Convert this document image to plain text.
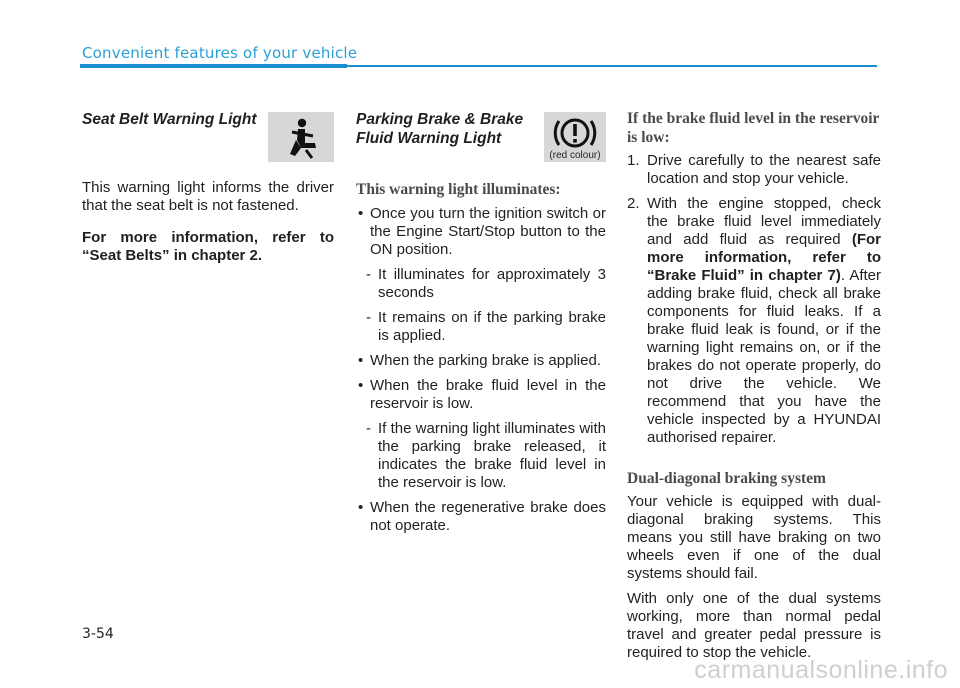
Convenient features of your vehicle
Seat Belt Warning Light

This warning light informs the driver that the seat belt is not fastened.

For more information, refer to “Seat Belts” in chapter 2.

Parking Brake & Brake
Fluid Warning Light
(red colour)
This warning light illuminates:
• Once you turn the ignition switch or the Engine Start/Stop button to the ON position.
- It illuminates for approximately 3 seconds
- It remains on if the parking brake is applied.
• When the parking brake is applied.
• When the brake fluid level in the reservoir is low.
- If the warning light illuminates with the parking brake released, it indicates the brake fluid level in the reservoir is low.
• When the regenerative brake does not operate.
If the brake fluid level in the reservoir is low:
1. Drive carefully to the nearest safe location and stop your vehicle.
2. With the engine stopped, check the brake fluid level immediately and add fluid as required (For more information, refer to “Brake Fluid” in chapter 7). After adding brake fluid, check all brake components for fluid leaks. If a brake fluid leak is found, or if the warning light remains on, or if the brakes do not operate properly, do not drive the vehicle. We recommend that you have the vehicle inspected by a HYUNDAI authorised repairer.
Dual-diagonal braking system

Your vehicle is equipped with dual-diagonal braking systems. This means you still have braking on two wheels even if one of the dual systems should fail.

With only one of the dual systems working, more than normal pedal travel and greater pedal pressure is required to stop the vehicle.

3-54
carmanualsonline.info
